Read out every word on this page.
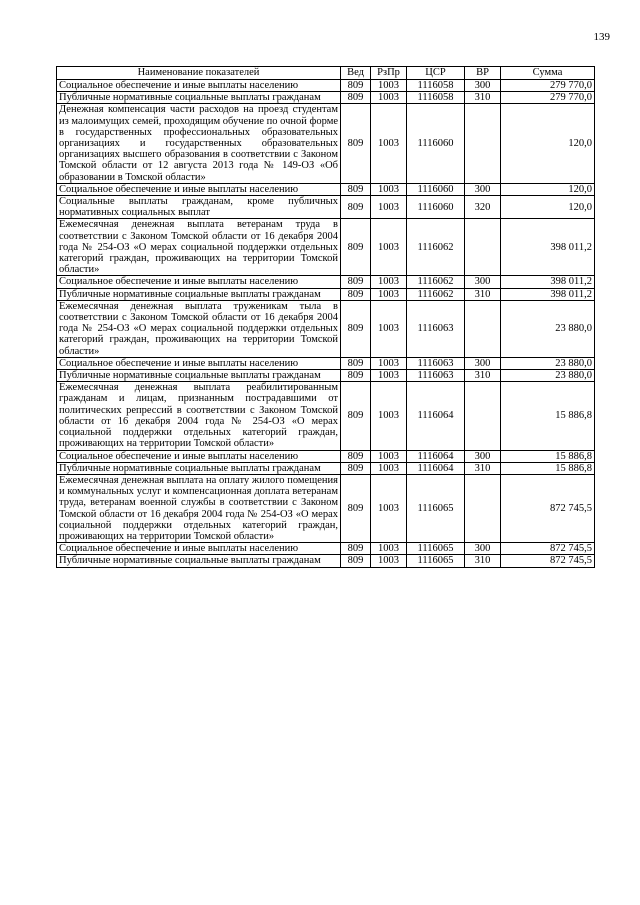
139
Наименование показателей	Вед	РзПр	ЦСР	ВР	Сумма
Социальное обеспечение и иные выплаты населению	809	1003	1116058	300	279 770,0
Публичные нормативные социальные выплаты гражданам	809	1003	1116058	310	279 770,0
Денежная компенсация части расходов на проезд студентам из малоимущих семей, проходящим обучение по очной форме в государственных профессиональных образовательных организациях и государственных образовательных организациях высшего образования в соответствии с Законом Томской области от 12 августа 2013 года № 149-ОЗ «Об образовании в Томской области»	809	1003	1116060		120,0
Социальное обеспечение и иные выплаты населению	809	1003	1116060	300	120,0
Социальные выплаты гражданам, кроме публичных нормативных социальных выплат	809	1003	1116060	320	120,0
Ежемесячная денежная выплата ветеранам труда в соответствии с Законом Томской области от 16 декабря 2004 года № 254-ОЗ «О мерах социальной поддержки отдельных категорий граждан, проживающих на территории Томской области»	809	1003	1116062		398 011,2
Социальное обеспечение и иные выплаты населению	809	1003	1116062	300	398 011,2
Публичные нормативные социальные выплаты гражданам	809	1003	1116062	310	398 011,2
Ежемесячная денежная выплата труженикам тыла в соответствии с Законом Томской области от 16 декабря 2004 года № 254-ОЗ «О мерах социальной поддержки отдельных категорий граждан, проживающих на территории Томской области»	809	1003	1116063		23 880,0
Социальное обеспечение и иные выплаты населению	809	1003	1116063	300	23 880,0
Публичные нормативные социальные выплаты гражданам	809	1003	1116063	310	23 880,0
Ежемесячная денежная выплата реабилитированным гражданам и лицам, признанным пострадавшими от политических репрессий в соответствии с Законом Томской области от 16 декабря 2004 года № 254-ОЗ «О мерах социальной поддержки отдельных категорий граждан, проживающих на территории Томской области»	809	1003	1116064		15 886,8
Социальное обеспечение и иные выплаты населению	809	1003	1116064	300	15 886,8
Публичные нормативные социальные выплаты гражданам	809	1003	1116064	310	15 886,8
Ежемесячная денежная выплата на оплату жилого помещения и коммунальных услуг и компенсационная доплата ветеранам труда, ветеранам военной службы в соответствии с Законом Томской области от 16 декабря 2004 года № 254-ОЗ «О мерах социальной поддержки отдельных категорий граждан, проживающих на территории Томской области»	809	1003	1116065		872 745,5
Социальное обеспечение и иные выплаты населению	809	1003	1116065	300	872 745,5
Публичные нормативные социальные выплаты гражданам	809	1003	1116065	310	872 745,5
